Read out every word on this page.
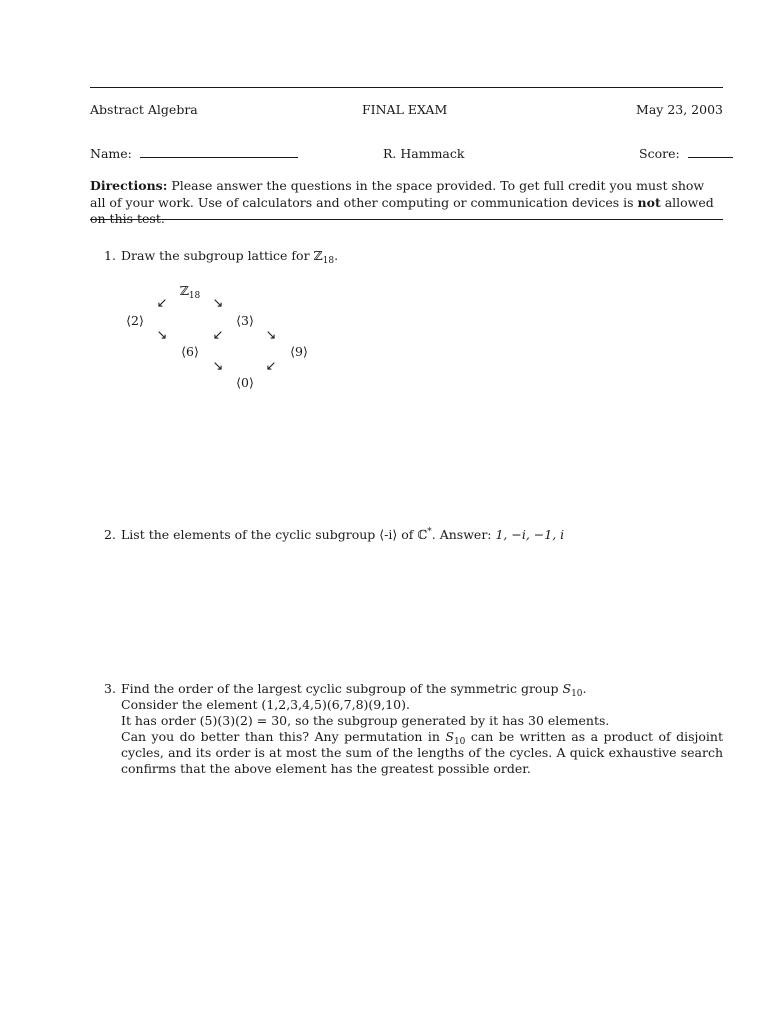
Abstract Algebra	FINAL EXAM	May 23, 2003
Name:	R. Hammack	Score:
Directions: Please answer the questions in the space provided. To get full credit you must show all of your work. Use of calculators and other computing or communication devices is not allowed on this test.
1. Draw the subgroup lattice for ℤ$_{18}$.
ℤ$_{18}$
↙	↘
⟨2⟩	⟨3⟩
↘	↙	↘
⟨6⟩	⟨9⟩
↘	↙
⟨0⟩
2. List the elements of the cyclic subgroup ⟨-i⟩ of ℂ*. Answer: 1, −i, −1, i
3. Find the order of the largest cyclic subgroup of the symmetric group $S_{10}$.
Consider the element (1,2,3,4,5)(6,7,8)(9,10).
It has order (5)(3)(2) = 30, so the subgroup generated by it has 30 elements.
Can you do better than this? Any permutation in $S_{10}$ can be written as a product of disjoint cycles, and its order is at most the sum of the lengths of the cycles. A quick exhaustive search confirms that the above element has the greatest possible order.
